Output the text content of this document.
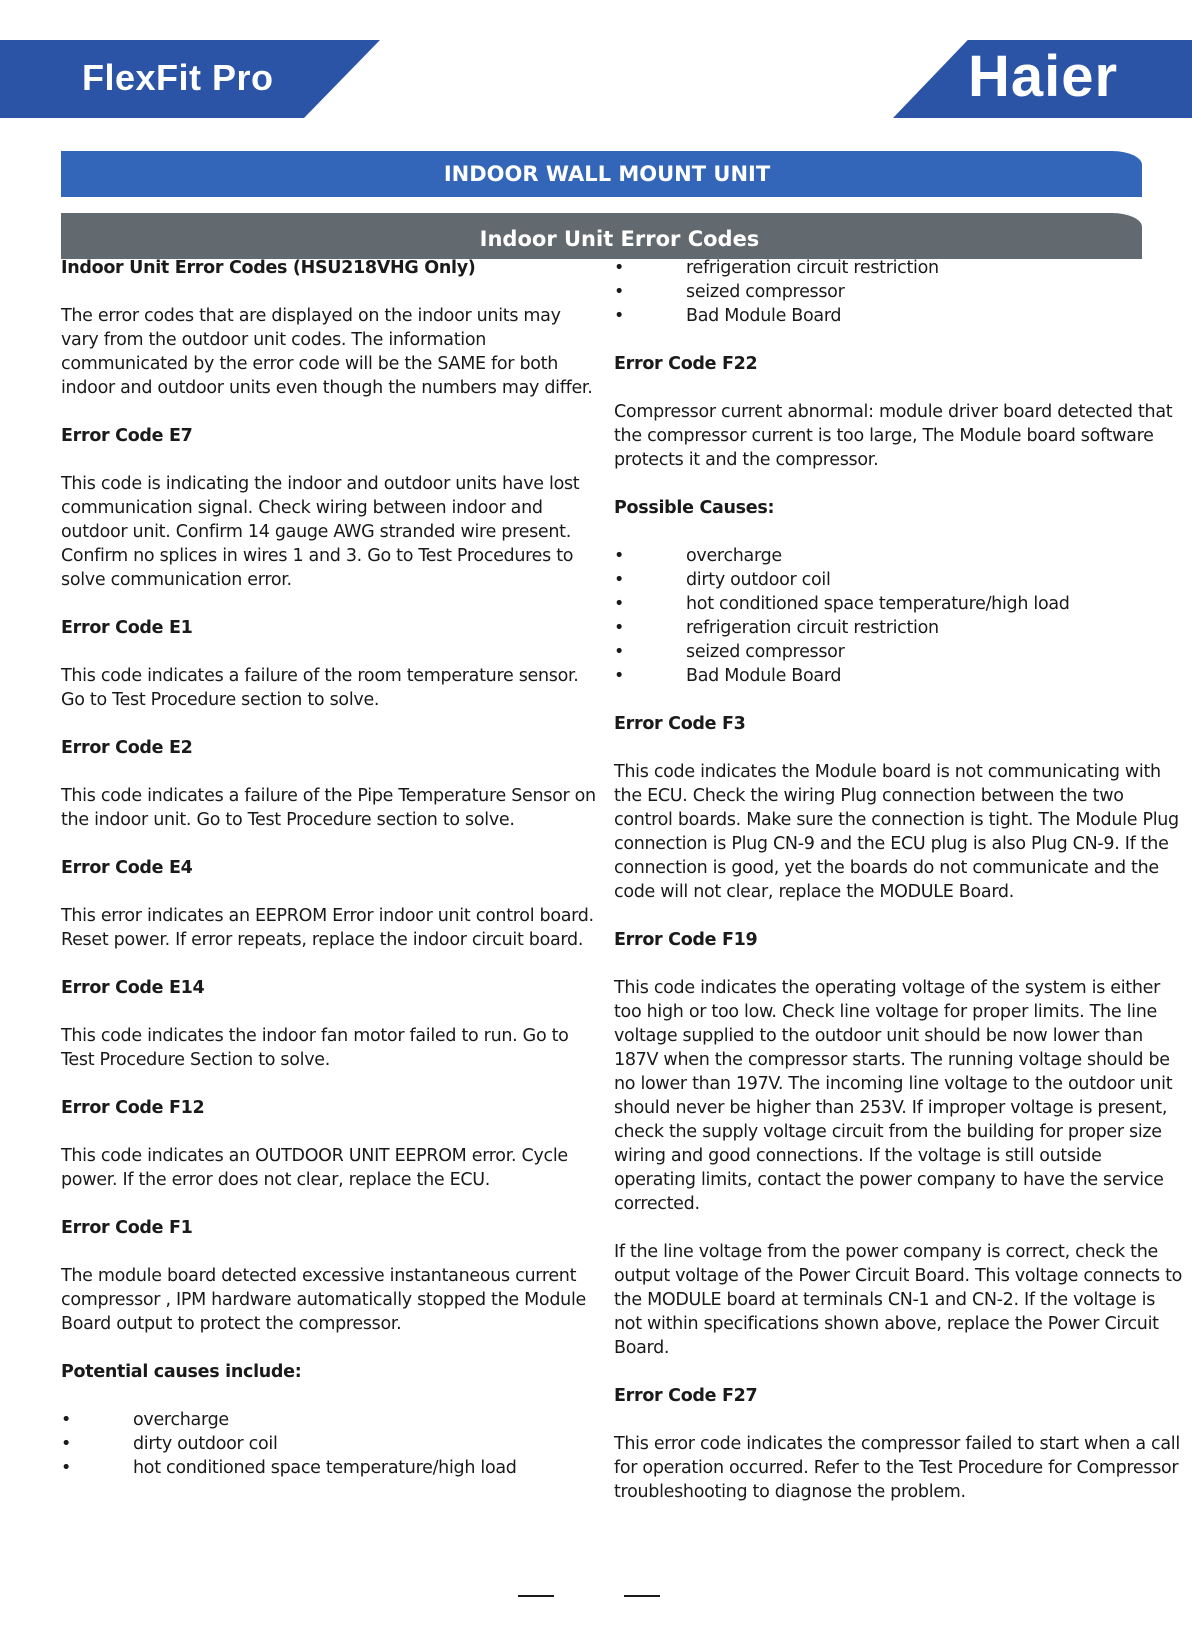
FlexFit Pro	Haier
INDOOR WALL MOUNT UNIT
Indoor Unit Error Codes
Indoor Unit Error Codes (HSU218VHG Only)
The error codes that are displayed on the indoor units may vary from the outdoor unit codes. The information communicated by the error code will be the SAME for both indoor and outdoor units even though the numbers may differ.
Error Code E7
This code is indicating the indoor and outdoor units have lost communication signal. Check wiring between indoor and outdoor unit. Confirm 14 gauge AWG stranded wire present. Confirm no splices in wires 1 and 3. Go to Test Procedures to solve communication error.
Error Code E1
This code indicates a failure of the room temperature sensor. Go to Test Procedure section to solve.
Error Code E2
This code indicates a failure of the Pipe Temperature Sensor on the indoor unit. Go to Test Procedure section to solve.
Error Code E4
This error indicates an EEPROM Error indoor unit control board. Reset power. If error repeats, replace the indoor circuit board.
Error Code E14
This code indicates the indoor fan motor failed to run. Go to Test Procedure Section to solve.
Error Code F12
This code indicates an OUTDOOR UNIT EEPROM error. Cycle power. If the error does not clear, replace the ECU.
Error Code F1
The module board detected excessive instantaneous current compressor , IPM hardware automatically stopped the Module Board output to protect the compressor.
Potential causes include:
•	overcharge
•	dirty outdoor coil
•	hot conditioned space temperature/high load
•	refrigeration circuit restriction
•	seized compressor
•	Bad Module Board
Error Code F22
Compressor current abnormal: module driver board detected that the compressor current is too large, The Module board software protects it and the compressor.
Possible Causes:
•	overcharge
•	dirty outdoor coil
•	hot conditioned space temperature/high load
•	refrigeration circuit restriction
•	seized compressor
•	Bad Module Board
Error Code F3
This code indicates the Module board is not communicating with the ECU. Check the wiring Plug connection between the two control boards. Make sure the connection is tight. The Module Plug connection is Plug CN-9 and the ECU plug is also Plug CN-9. If the connection is good, yet the boards do not communicate and the code will not clear, replace the MODULE Board.
Error Code F19
This code indicates the operating voltage of the system is either too high or too low. Check line voltage for proper limits. The line voltage supplied to the outdoor unit should be now lower than 187V when the compressor starts. The running voltage should be no lower than 197V. The incoming line voltage to the outdoor unit should never be higher than 253V. If improper voltage is present, check the supply voltage circuit from the building for proper size wiring and good connections. If the voltage is still outside operating limits, contact the power company to have the service corrected.
If the line voltage from the power company is correct, check the output voltage of the Power Circuit Board. This voltage connects to the MODULE board at terminals CN-1 and CN-2. If the voltage is not within specifications shown above, replace the Power Circuit Board.
Error Code F27
This error code indicates the compressor failed to start when a call for operation occurred. Refer to the Test Procedure for Compressor troubleshooting to diagnose the problem.
